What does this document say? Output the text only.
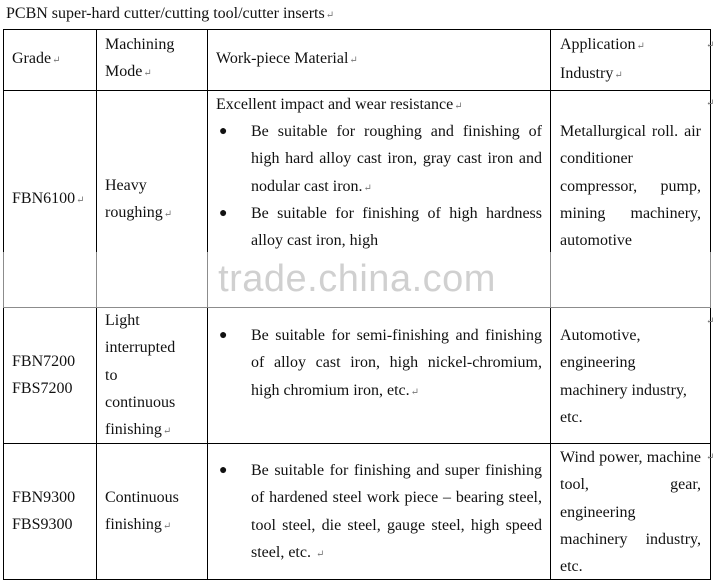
PCBN super-hard cutter/cutting tool/cutter inserts↵
Grade↵
Machining
Mode↵
Work-piece Material↵
Application↵
Industry↵
FBN6100↵
Heavy
roughing↵
Excellent impact and wear resistance↵
● Be suitable for roughing and finishing of high hard alloy cast iron, gray cast iron and nodular cast iron.↵
● Be suitable for finishing of high hardness alloy cast iron, high
Metallurgical roll. air conditioner compressor, pump, mining machinery, automotive
FBN7200
FBS7200
Light
interrupted
to
continuous
finishing↵
● Be suitable for semi-finishing and finishing of alloy cast iron, high nickel-chromium, high chromium iron, etc.↵
Automotive, engineering machinery industry, etc.
FBN9300
FBS9300
Continuous
finishing↵
● Be suitable for finishing and super finishing of hardened steel work piece – bearing steel, tool steel, die steel, gauge steel, high speed steel, etc. ↵
Wind power, machine tool, gear, engineering machinery industry, etc.
↵
↵
↵
↵
trade.china.com
